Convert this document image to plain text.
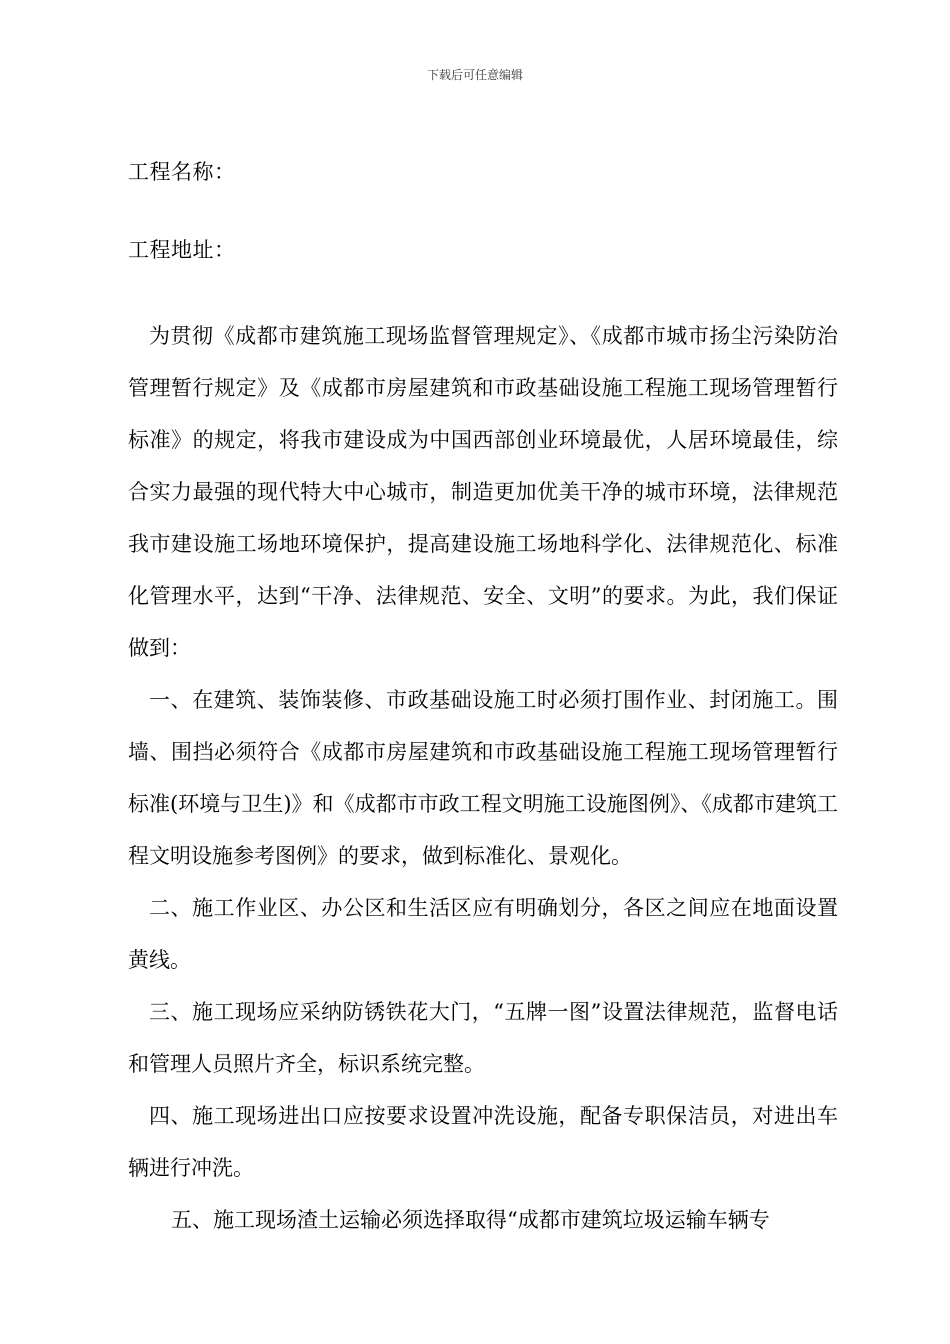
下载后可任意编辑
工程名称：
工程地址：

为贯彻《成都市建筑施工现场监督管理规定》、《成都市城市扬尘污染防治管理暂行规定》及《成都市房屋建筑和市政基础设施工程施工现场管理暂行标准》的规定，将我市建设成为中国西部创业环境最优，人居环境最佳，综合实力最强的现代特大中心城市，制造更加优美干净的城市环境，法律规范我市建设施工场地环境保护，提高建设施工场地科学化、法律规范化、标准化管理水平，达到“干净、法律规范、安全、文明”的要求。为此，我们保证做到：

一、在建筑、装饰装修、市政基础设施工时必须打围作业、封闭施工。围墙、围挡必须符合《成都市房屋建筑和市政基础设施工程施工现场管理暂行标准(环境与卫生)》和《成都市市政工程文明施工设施图例》、《成都市建筑工程文明设施参考图例》的要求，做到标准化、景观化。

二、施工作业区、办公区和生活区应有明确划分，各区之间应在地面设置黄线。

三、施工现场应采纳防锈铁花大门，“五牌一图”设置法律规范，监督电话和管理人员照片齐全，标识系统完整。

四、施工现场进出口应按要求设置冲洗设施，配备专职保洁员，对进出车辆进行冲洗。

五、施工现场渣土运输必须选择取得“成都市建筑垃圾运输车辆专
